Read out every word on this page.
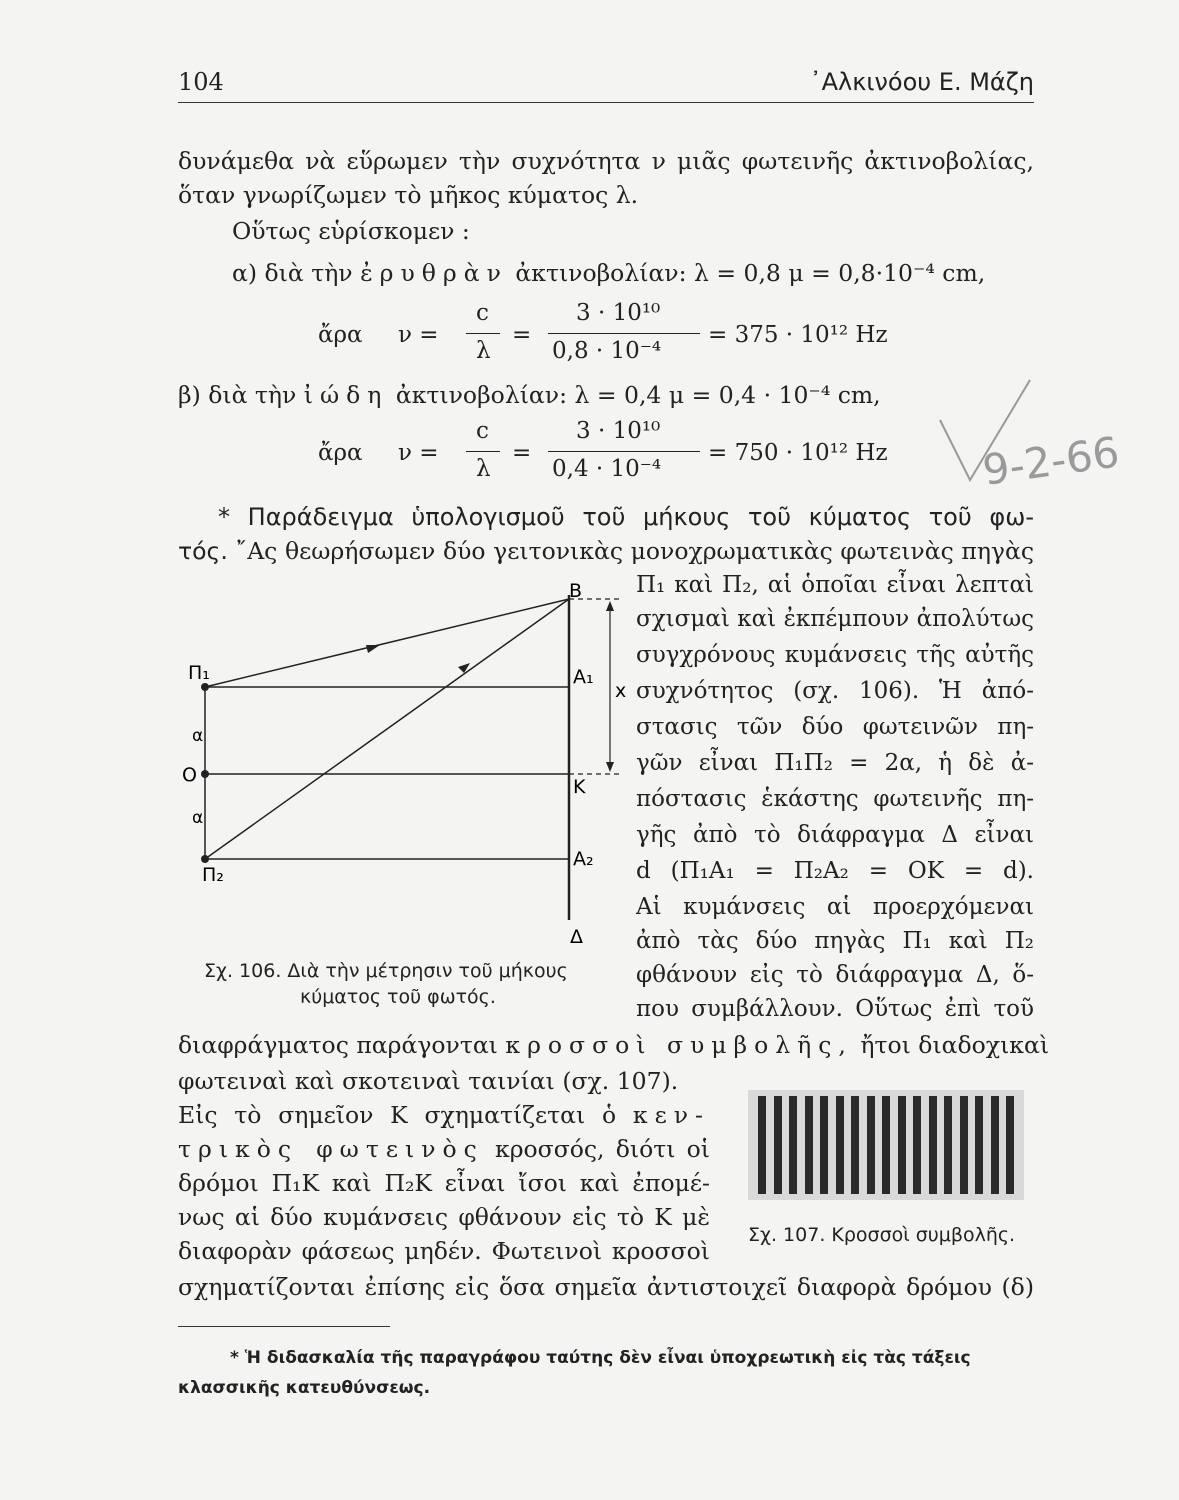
104	᾿Αλκινόου Ε. Μάζη
δυνάμεθα νὰ εὕρωμεν τὴν συχνότητα ν μιᾶς φωτεινῆς ἀκτινοβολίας,
ὅταν γνωρίζωμεν τὸ μῆκος κύματος λ.
Οὕτως εὑρίσκομεν :
α) διὰ τὴν ἐρυθρὰν ἀκτινοβολίαν: λ = 0,8 μ = 0,8·10⁻⁴ cm,
ἄρα ν =
c
λ
=
3 · 10¹⁰
0,8 · 10⁻⁴
= 375 · 10¹² Hz
β) διὰ τὴν ἰώδη ἀκτινοβολίαν: λ = 0,4 μ = 0,4 · 10⁻⁴ cm,
ἄρα ν =
c
λ
=
3 · 10¹⁰
0,4 · 10⁻⁴
= 750 · 10¹² Hz 9-2-66
* Παράδειγμα ὑπολογισμοῦ τοῦ μήκους τοῦ κύματος τοῦ φω-
τός. ῎Ας θεωρήσωμεν δύο γειτονικὰς μονοχρωματικὰς φωτεινὰς πηγὰς
Π₁
α
Ο
α
Π₂
Β
Α₁
x
Κ
Α₂
Δ
Σχ. 106. Διὰ τὴν μέτρησιν τοῦ μήκους
κύματος τοῦ φωτός.
Π₁ καὶ Π₂, αἱ ὁποῖαι εἶναι λεπταὶ
σχισμαὶ καὶ ἐκπέμπουν ἀπολύτως
συγχρόνους κυμάνσεις τῆς αὐτῆς
συχνότητος (σχ. 106). Ἡ ἀπό-
στασις τῶν δύο φωτεινῶν πη-
γῶν εἶναι Π₁Π₂ = 2α, ἡ δὲ ἀ-
πόστασις ἑκάστης φωτεινῆς πη-
γῆς ἀπὸ τὸ διάφραγμα Δ εἶναι
d (Π₁Α₁ = Π₂Α₂ = ΟΚ = d).
Αἱ κυμάνσεις αἱ προερχόμεναι
ἀπὸ τὰς δύο πηγὰς Π₁ καὶ Π₂
φθάνουν εἰς τὸ διάφραγμα Δ, ὅ-
που συμβάλλουν. Οὕτως ἐπὶ τοῦ
διαφράγματος παράγονται κροσσοὶ συμβολῆς, ἤτοι διαδοχικαὶ
φωτειναὶ καὶ σκοτειναὶ ταινίαι (σχ. 107).
Εἰς τὸ σημεῖον Κ σχηματίζεται ὁ κεν-
τρικὸς φωτεινὸς κροσσός, διότι οἱ
δρόμοι Π₁Κ καὶ Π₂Κ εἶναι ἴσοι καὶ ἐπομέ-
νως αἱ δύο κυμάνσεις φθάνουν εἰς τὸ Κ μὲ
διαφορὰν φάσεως μηδέν. Φωτεινοὶ κροσσοὶ
σχηματίζονται ἐπίσης εἰς ὅσα σημεῖα ἀντιστοιχεῖ διαφορὰ δρόμου (δ)
Σχ. 107. Κροσσοὶ συμβολῆς.
* Ἡ διδασκαλία τῆς παραγράφου ταύτης δὲν εἶναι ὑποχρεωτικὴ εἰς τὰς τάξεις
κλασσικῆς κατευθύνσεως.
